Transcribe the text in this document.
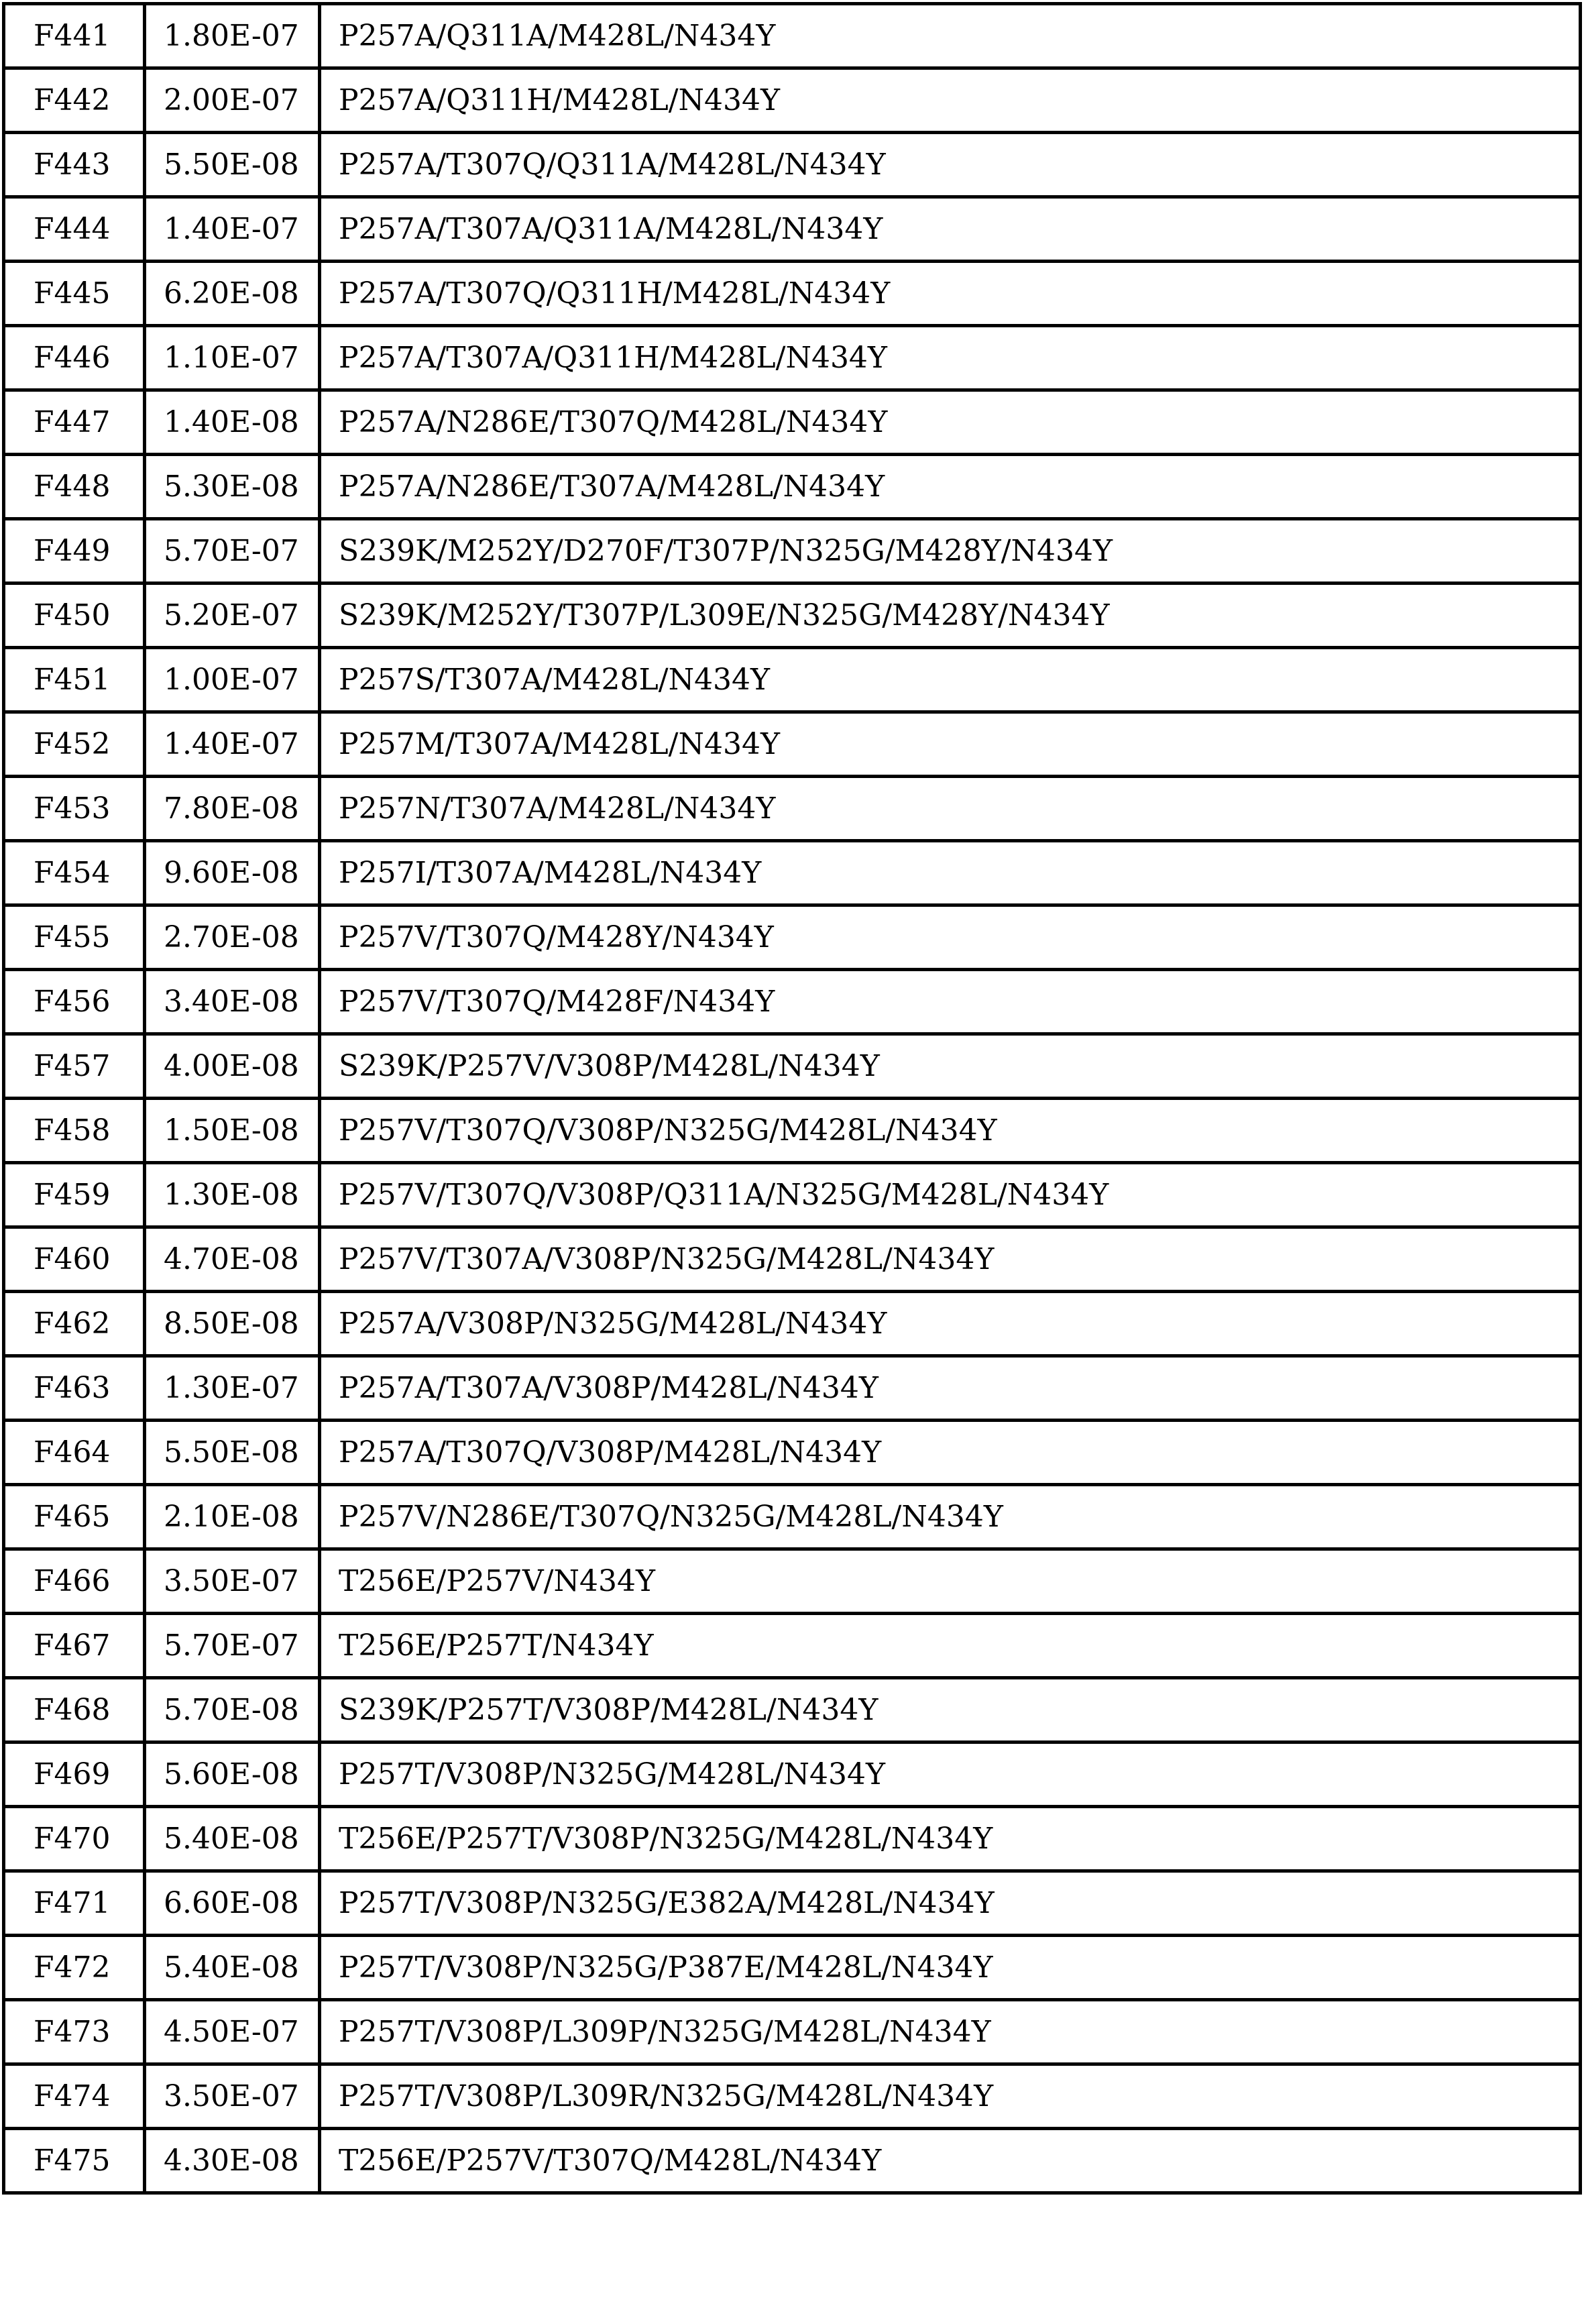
F441	1.80E-07	P257A/Q311A/M428L/N434Y
F442	2.00E-07	P257A/Q311H/M428L/N434Y
F443	5.50E-08	P257A/T307Q/Q311A/M428L/N434Y
F444	1.40E-07	P257A/T307A/Q311A/M428L/N434Y
F445	6.20E-08	P257A/T307Q/Q311H/M428L/N434Y
F446	1.10E-07	P257A/T307A/Q311H/M428L/N434Y
F447	1.40E-08	P257A/N286E/T307Q/M428L/N434Y
F448	5.30E-08	P257A/N286E/T307A/M428L/N434Y
F449	5.70E-07	S239K/M252Y/D270F/T307P/N325G/M428Y/N434Y
F450	5.20E-07	S239K/M252Y/T307P/L309E/N325G/M428Y/N434Y
F451	1.00E-07	P257S/T307A/M428L/N434Y
F452	1.40E-07	P257M/T307A/M428L/N434Y
F453	7.80E-08	P257N/T307A/M428L/N434Y
F454	9.60E-08	P257I/T307A/M428L/N434Y
F455	2.70E-08	P257V/T307Q/M428Y/N434Y
F456	3.40E-08	P257V/T307Q/M428F/N434Y
F457	4.00E-08	S239K/P257V/V308P/M428L/N434Y
F458	1.50E-08	P257V/T307Q/V308P/N325G/M428L/N434Y
F459	1.30E-08	P257V/T307Q/V308P/Q311A/N325G/M428L/N434Y
F460	4.70E-08	P257V/T307A/V308P/N325G/M428L/N434Y
F462	8.50E-08	P257A/V308P/N325G/M428L/N434Y
F463	1.30E-07	P257A/T307A/V308P/M428L/N434Y
F464	5.50E-08	P257A/T307Q/V308P/M428L/N434Y
F465	2.10E-08	P257V/N286E/T307Q/N325G/M428L/N434Y
F466	3.50E-07	T256E/P257V/N434Y
F467	5.70E-07	T256E/P257T/N434Y
F468	5.70E-08	S239K/P257T/V308P/M428L/N434Y
F469	5.60E-08	P257T/V308P/N325G/M428L/N434Y
F470	5.40E-08	T256E/P257T/V308P/N325G/M428L/N434Y
F471	6.60E-08	P257T/V308P/N325G/E382A/M428L/N434Y
F472	5.40E-08	P257T/V308P/N325G/P387E/M428L/N434Y
F473	4.50E-07	P257T/V308P/L309P/N325G/M428L/N434Y
F474	3.50E-07	P257T/V308P/L309R/N325G/M428L/N434Y
F475	4.30E-08	T256E/P257V/T307Q/M428L/N434Y
